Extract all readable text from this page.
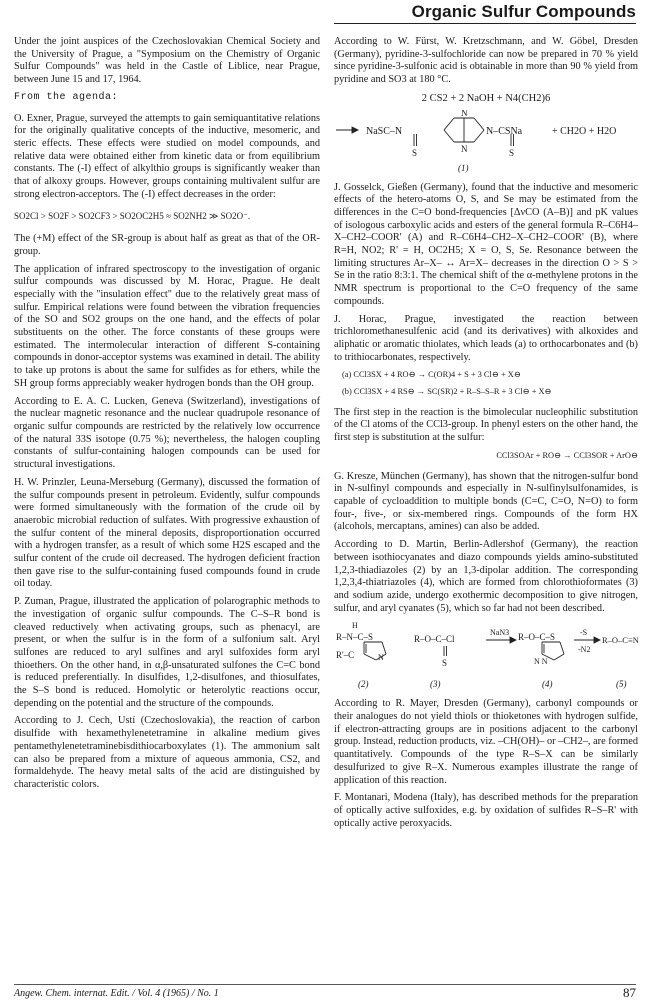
Organic Sulfur Compounds

Under the joint auspices of the Czechoslovakian Chemical Society and the University of Prague, a "Symposium on the Chemistry of Organic Sulfur Compounds" was held in the Castle of Liblice, near Prague, between June 15 and 17, 1964.

From the agenda:

O. Exner, Prague, surveyed the attempts to gain semiquantitative relations for the originally qualitative concepts of the inductive, mesomeric, and steric effects. These effects were studied on model compounds, and relative data were obtained either from kinetic data or from equilibrium constants. The (-I) effect of alkylthio groups is significantly weaker than that of alkoxy groups. However, groups containing multivalent sulfur are strong electron-acceptors. The (-I) effect decreases in the order:

SO2Cl > SO2F > SO2CF3 > SO2OC2H5 ≈ SO2NH2 ≫ SO2O⁻.

The (+M) effect of the SR-group is about half as great as that of the OR-group.

The application of infrared spectroscopy to the investigation of organic sulfur compounds was discussed by M. Horac, Prague. He dealt especially with the "insulation effect" due to the relatively great mass of sulfur. Empirical relations were found between the vibration frequencies of the SO and SO2 groups on the one hand, and the effects of polar substituents on the other. The force constants of these groups were estimated. The intermolecular interaction of different S-containing compounds in donor-acceptor systems was examined in detail. The ability to take up protons is about the same for sulfides as for ethers, while the SH group forms appreciably weaker hydrogen bonds than the OH group.

According to E. A. C. Lucken, Geneva (Switzerland), investigations of the nuclear magnetic resonance and the nuclear quadrupole resonance of organic sulfur compounds are restricted by the relatively low occurrence of the natural 33S isotope (0.75 %); nevertheless, the halogen coupling constants of sulfur-containing halogen compounds can be used for structural investigations.

H. W. Prinzler, Leuna-Merseburg (Germany), discussed the formation of the sulfur compounds present in petroleum. Evidently, sulfur compounds were formed simultaneously with the formation of the crude oil by anaerobic microbial reduction of sulfates. With progressive exhaustion of the sulfur content of the mineral deposits, disproportionation occurred with a hydrogen transfer, as a result of which some H2S escaped and the sulfur content of the crude oil decreased. The hydrogen deficient fraction then gave rise to the sulfur-containing fused compounds found in crude oil today.

P. Zuman, Prague, illustrated the application of polarographic methods to the investigation of organic sulfur compounds. The C–S–R bond is cleaved reductively when activating groups, such as phenacyl, are present, or when the sulfur is in the form of a sulfonium salt. Aryl sulfones are reduced to aryl sulfines and aryl sulfoxides form aryl thioethers. On the other hand, in α,β-unsaturated sulfones the C=C bond is reduced preferentially. In disulfides, 1,2-disulfones, and thiosulfates, the S–S bond is reduced. Homolytic or heterolytic reactions occur, depending on the potential and the structure of the compounds.

According to J. Cech, Ustí (Czechoslovakia), the reaction of carbon disulfide with hexamethylenetetramine in alkaline medium gives pentamethylenetetraminebisdithiocarboxylates (1). The ammonium salt can also be prepared from a mixture of aqueous ammonia, CS2, and formaldehyde. The heavy metal salts of the acid are distinguished by characteristic colors.

According to W. Fürst, W. Kretzschmann, and W. Göbel, Dresden (Germany), pyridine-3-sulfochloride can now be prepared in 70 % yield since pyridine-3-sulfonic acid is obtainable in more than 90 % yield from pyridine and SO3 at 180 °C.

2 CS2 + 2 NaOH + N4(CH2)6
NaSC–N
N
N
N–CSNa
S	S
+ CH2O + H2O
(1)

J. Gosselck, Gießen (Germany), found that the inductive and mesomeric effects of the hetero-atoms O, S, and Se may be estimated from the differences in the C=O bond-frequencies [ΔνCO (A–B)] and pK values of isologous carboxylic acids and esters of the general formula R–C6H4–X–CH2–COOR' (A) and R–C6H4–CH2–X–CH2–COOR' (B), where R=H, NO2; R' = H, OC2H5; X = O, S, Se. Resonance between the limiting structures Ar–X– ↔ Ar=X– decreases in the direction O > S > Se in the ratio 8:3:1. The chemical shift of the α-methylene protons in the NMR spectrum is proportional to the C=O frequency of the same compounds.

J. Horac, Prague, investigated the reaction between trichloromethanesulfenic acid (and its derivatives) with alkoxides and aliphatic or aromatic thiolates, which leads (a) to orthocarbonates and (b) to trithiocarbonates, respectively.

(a) CCl3SX + 4 RO⊖ → C(OR)4 + S + 3 Cl⊖ + X⊖
(b) CCl3SX + 4 RS⊖ → SC(SR)2 + R–S–S–R + 3 Cl⊖ + X⊖

The first step in the reaction is the bimolecular nucleophilic substitution of the Cl atoms of the CCl3-group. In phenyl esters on the other hand, the first step is substitution at the sulfur:

CCl3SOAr + RO⊖ → CCl3SOR + ArO⊖

G. Kresze, München (Germany), has shown that the nitrogen-sulfur bond in N-sulfinyl compounds and especially in N-sulfinylsulfonamides, is capable of cycloaddition to multiple bonds (C=C, C=O, N=O) to form four-, five-, or six-membered rings. Compounds of the form HX (alcohols, mercaptans, amines) can also be added.

According to D. Martin, Berlin-Adlershof (Germany), the reaction between isothiocyanates and diazo compounds yields amino-substituted 1,2,3-thiadiazoles (2) by an 1,3-dipolar addition. The corresponding 1,2,3,4-thiatriazoles (4), which are formed from chlorothioformates (3) and sodium azide, undergo exothermic decomposition to give nitrogen, sulfur, and aryl cyanates (5), which so far had not been described.

H
R–N–C–S
R'–C	N
R–O–C–Cl
S
NaN3 R–O–C–S
N N
-S
-N2
R–O–C≡N
(2)	(3)	(4)	(5)

According to R. Mayer, Dresden (Germany), carbonyl compounds or their analogues do not yield thiols or thioketones with hydrogen sulfide, if electron-attracting groups are in positions adjacent to the carbonyl group. Instead, reduction products, viz. –CH(OH)– or –CH2–, are formed quantitatively. Compounds of the type R–S–X can be similarly desulfurized to give R–X. Numerous examples illustrate the range of application of this reaction.

F. Montanari, Modena (Italy), has described methods for the preparation of optically active sulfoxides, e.g. by oxidation of sulfides R–S–R' with optically active peroxyacids.

Angew. Chem. internat. Edit. / Vol. 4 (1965) / No. 1	87
